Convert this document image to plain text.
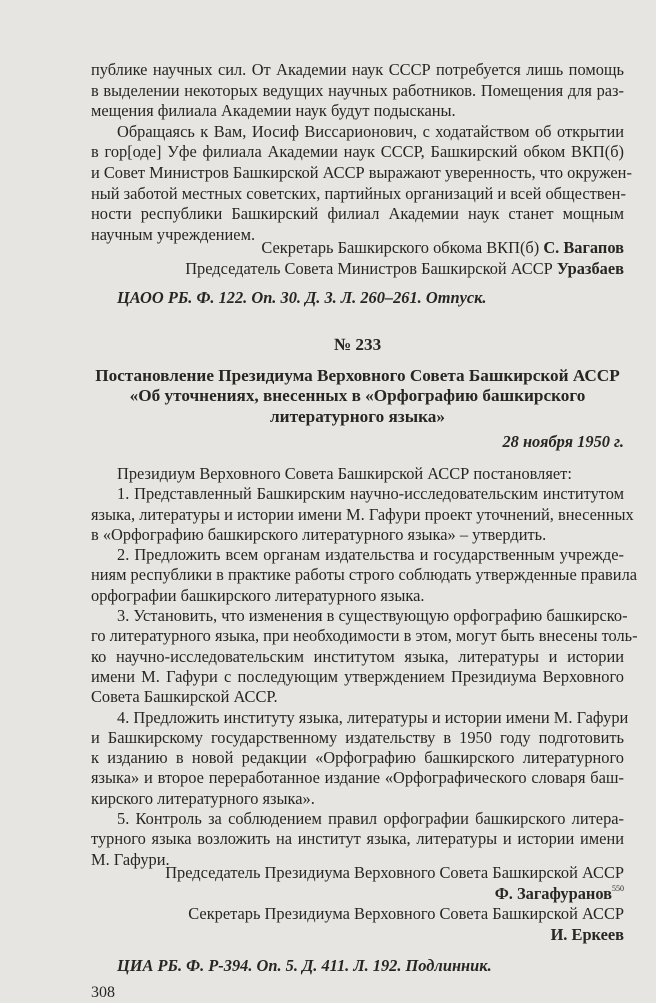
публике научных сил. От Академии наук СССР потребуется лишь помощь
в выделении некоторых ведущих научных работников. Помещения для раз-
мещения филиала Академии наук будут подысканы.
Обращаясь к Вам, Иосиф Виссарионович, с ходатайством об открытии
в гор[оде] Уфе филиала Академии наук СССР, Башкирский обком ВКП(б)
и Совет Министров Башкирской АССР выражают уверенность, что окружен-
ный заботой местных советских, партийных организаций и всей обществен-
ности республики Башкирский филиал Академии наук станет мощным
научным учреждением.
Секретарь Башкирского обкома ВКП(б) С. Вагапов
Председатель Совета Министров Башкирской АССР Уразбаев
ЦАОО РБ. Ф. 122. Оп. 30. Д. 3. Л. 260–261. Отпуск.
№ 233
Постановление Президиума Верховного Совета Башкирской АССР
«Об уточнениях, внесенных в «Орфографию башкирского
литературного языка»
28 ноября 1950 г.
Президиум Верховного Совета Башкирской АССР постановляет:
1. Представленный Башкирским научно-исследовательским институтом
языка, литературы и истории имени М. Гафури проект уточнений, внесенных
в «Орфографию башкирского литературного языка» – утвердить.
2. Предложить всем органам издательства и государственным учрежде-
ниям республики в практике работы строго соблюдать утвержденные правила
орфографии башкирского литературного языка.
3. Установить, что изменения в существующую орфографию башкирско-
го литературного языка, при необходимости в этом, могут быть внесены толь-
ко научно-исследовательским институтом языка, литературы и истории
имени М. Гафури с последующим утверждением Президиума Верховного
Совета Башкирской АССР.
4. Предложить институту языка, литературы и истории имени М. Гафури
и Башкирскому государственному издательству в 1950 году подготовить
к изданию в новой редакции «Орфографию башкирского литературного
языка» и второе переработанное издание «Орфографического словаря баш-
кирского литературного языка».
5. Контроль за соблюдением правил орфографии башкирского литера-
турного языка возложить на институт языка, литературы и истории имени
М. Гафури.
Председатель Президиума Верховного Совета Башкирской АССР
Ф. Загафуранов$^{550}$
Секретарь Президиума Верховного Совета Башкирской АССР
И. Еркеев
ЦИА РБ. Ф. Р-394. Оп. 5. Д. 411. Л. 192. Подлинник.
308
